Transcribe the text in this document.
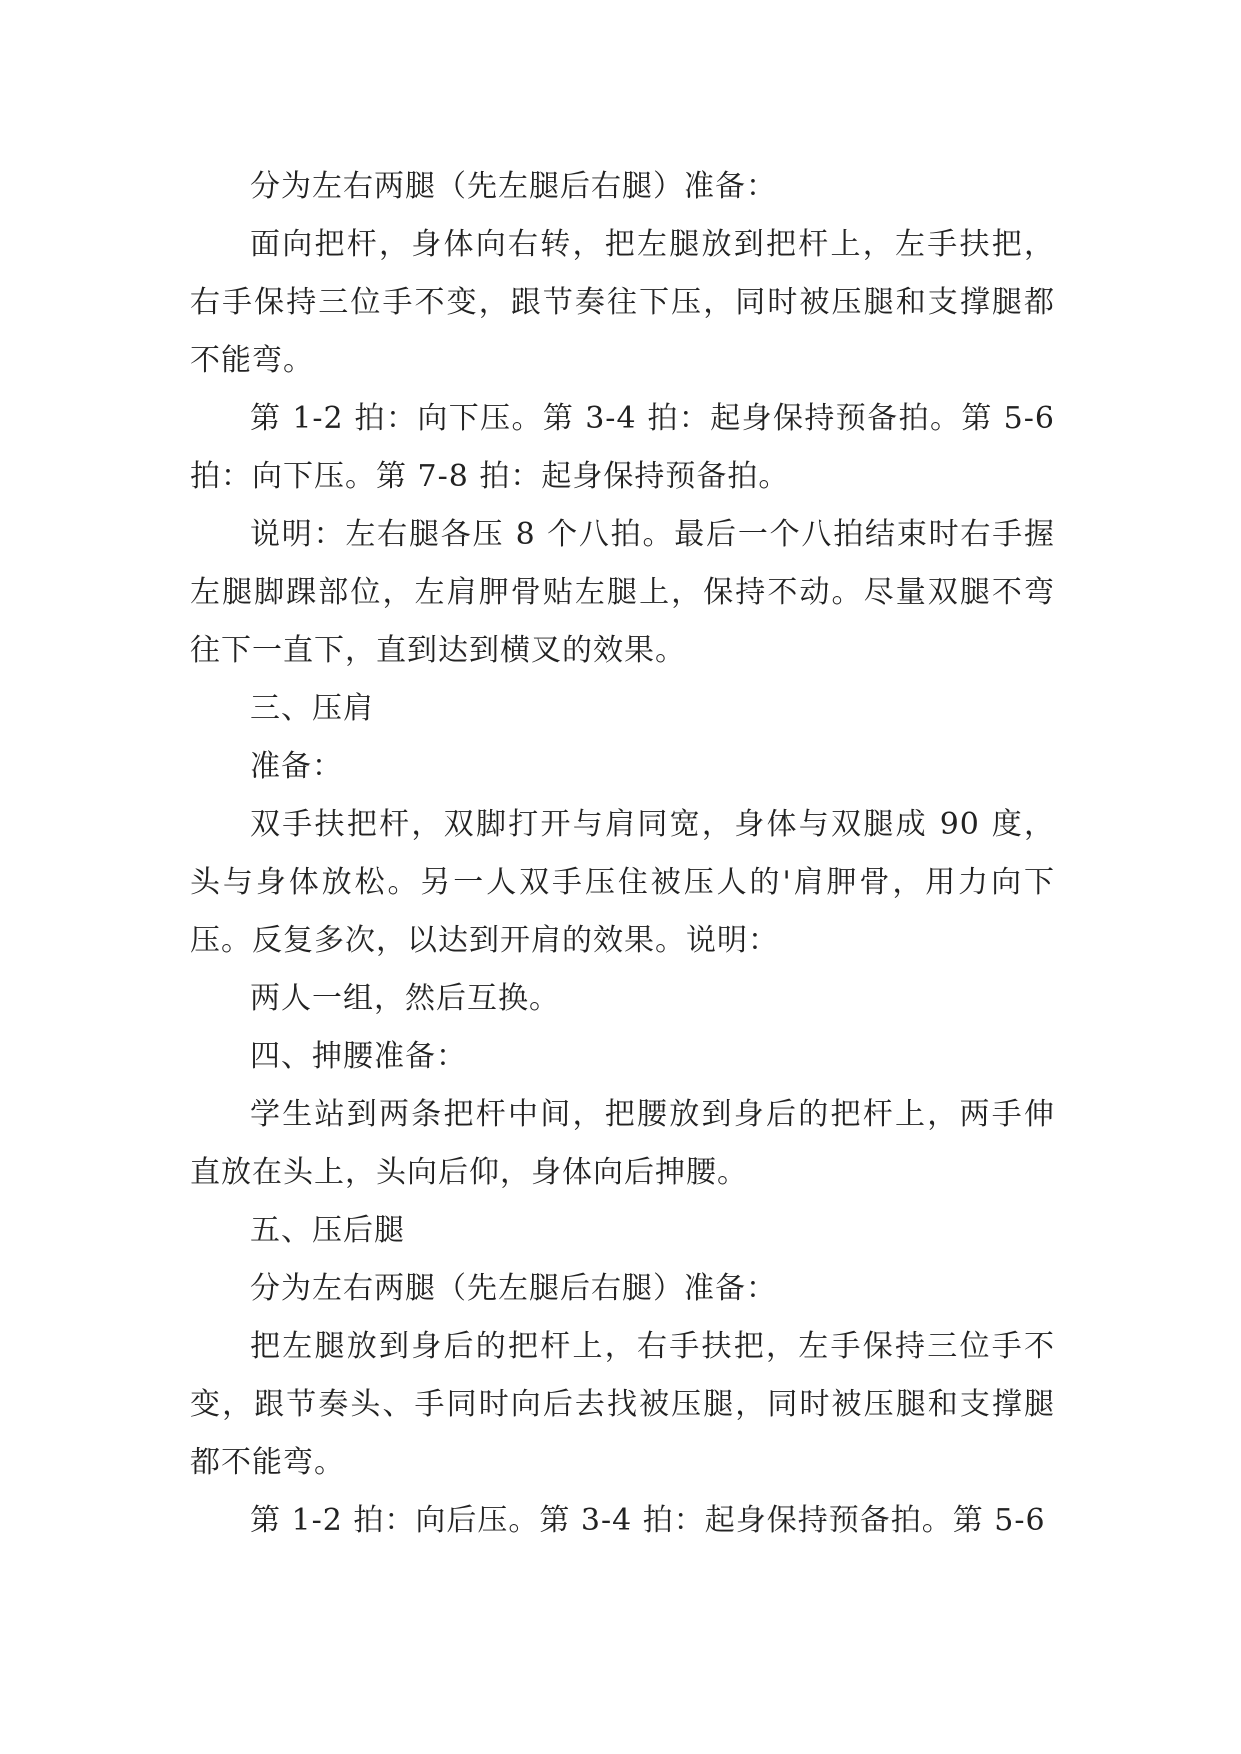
分为左右两腿（先左腿后右腿）准备：

面向把杆，身体向右转，把左腿放到把杆上，左手扶把，右手保持三位手不变，跟节奏往下压，同时被压腿和支撑腿都不能弯。

第 1-2 拍：向下压。第 3-4 拍：起身保持预备拍。第 5-6 拍：向下压。第 7-8 拍：起身保持预备拍。

说明：左右腿各压 8 个八拍。最后一个八拍结束时右手握左腿脚踝部位，左肩胛骨贴左腿上，保持不动。尽量双腿不弯往下一直下，直到达到横叉的效果。

三、压肩

准备：

双手扶把杆，双脚打开与肩同宽，身体与双腿成 90 度，头与身体放松。另一人双手压住被压人的'肩胛骨，用力向下压。反复多次，以达到开肩的效果。说明：

两人一组，然后互换。

四、抻腰准备：

学生站到两条把杆中间，把腰放到身后的把杆上，两手伸直放在头上，头向后仰，身体向后抻腰。

五、压后腿

分为左右两腿（先左腿后右腿）准备：

把左腿放到身后的把杆上，右手扶把，左手保持三位手不变，跟节奏头、手同时向后去找被压腿，同时被压腿和支撑腿都不能弯。

第 1-2 拍：向后压。第 3-4 拍：起身保持预备拍。第 5-6
